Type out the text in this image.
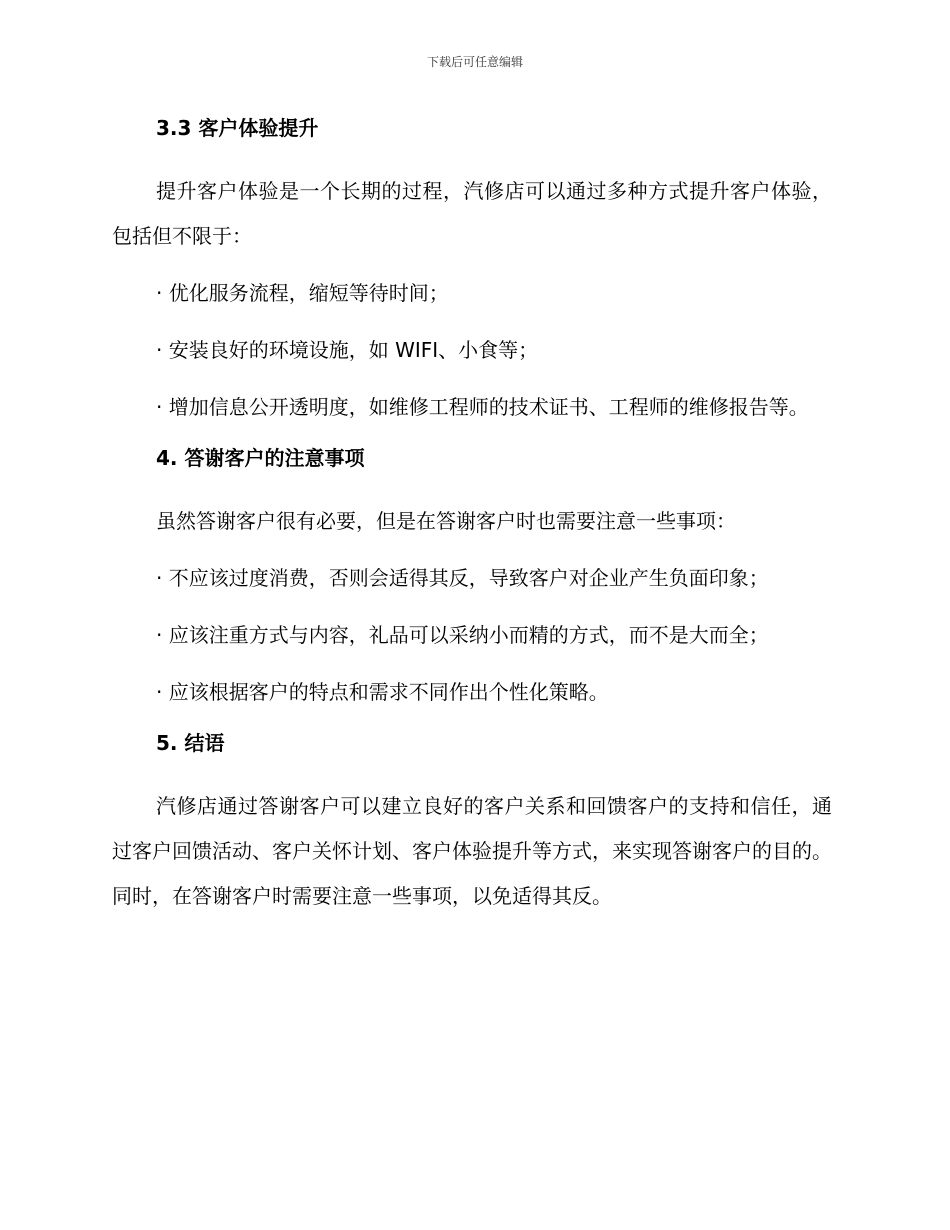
下载后可任意编辑
3.3 客户体验提升

提升客户体验是一个长期的过程，汽修店可以通过多种方式提升客户体验，包括但不限于：

· 优化服务流程，缩短等待时间；

· 安装良好的环境设施，如 WIFI、小食等；

· 增加信息公开透明度，如维修工程师的技术证书、工程师的维修报告等。

4. 答谢客户的注意事项

虽然答谢客户很有必要，但是在答谢客户时也需要注意一些事项：

· 不应该过度消费，否则会适得其反，导致客户对企业产生负面印象；

· 应该注重方式与内容，礼品可以采纳小而精的方式，而不是大而全；

· 应该根据客户的特点和需求不同作出个性化策略。

5. 结语

汽修店通过答谢客户可以建立良好的客户关系和回馈客户的支持和信任，通过客户回馈活动、客户关怀计划、客户体验提升等方式，来实现答谢客户的目的。同时，在答谢客户时需要注意一些事项，以免适得其反。
